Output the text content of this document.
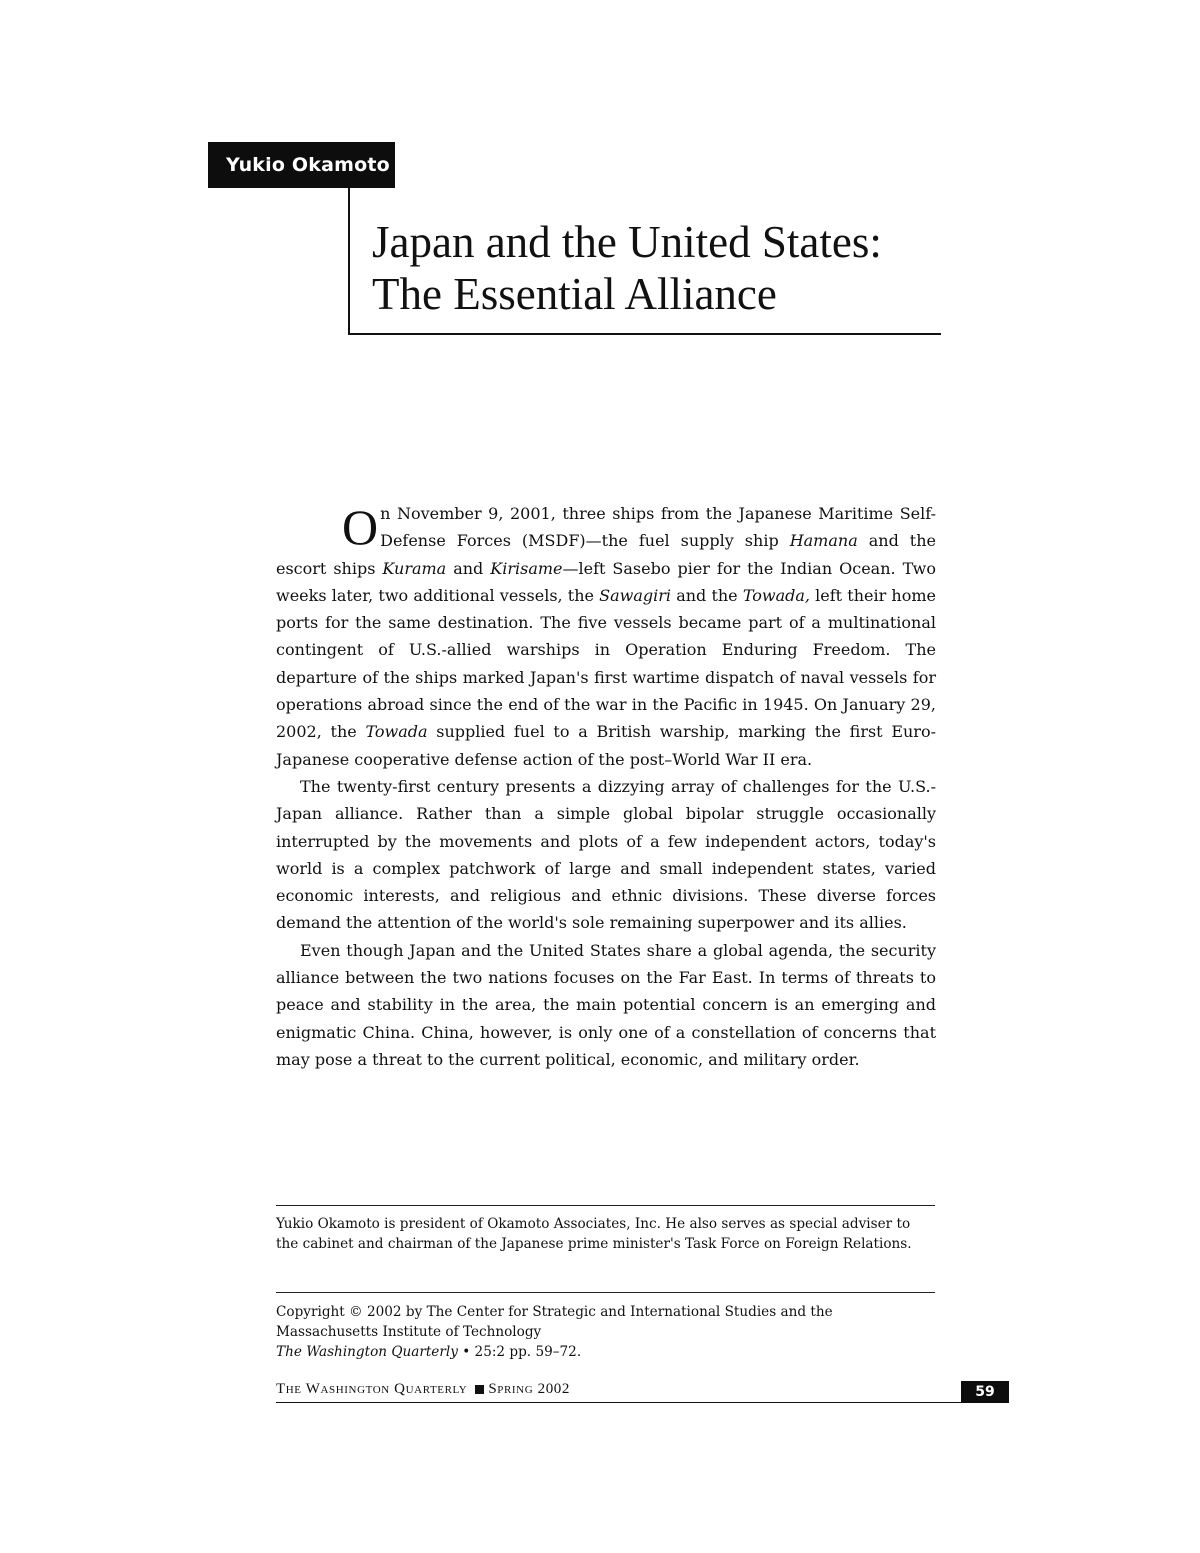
Yukio Okamoto
Japan and the United States:
The Essential Alliance

On November 9, 2001, three ships from the Japanese Maritime Self-Defense Forces (MSDF)—the fuel supply ship Hamana and the escort ships Kurama and Kirisame—left Sasebo pier for the Indian Ocean. Two weeks later, two additional vessels, the Sawagiri and the Towada, left their home ports for the same destination. The five vessels became part of a multinational contingent of U.S.-allied warships in Operation Enduring Freedom. The departure of the ships marked Japan's first wartime dispatch of naval vessels for operations abroad since the end of the war in the Pacific in 1945. On January 29, 2002, the Towada supplied fuel to a British warship, marking the first Euro-Japanese cooperative defense action of the post–World War II era.

The twenty-first century presents a dizzying array of challenges for the U.S.-Japan alliance. Rather than a simple global bipolar struggle occasionally interrupted by the movements and plots of a few independent actors, today's world is a complex patchwork of large and small independent states, varied economic interests, and religious and ethnic divisions. These diverse forces demand the attention of the world's sole remaining superpower and its allies.

Even though Japan and the United States share a global agenda, the security alliance between the two nations focuses on the Far East. In terms of threats to peace and stability in the area, the main potential concern is an emerging and enigmatic China. China, however, is only one of a constellation of concerns that may pose a threat to the current political, economic, and military order.

Yukio Okamoto is president of Okamoto Associates, Inc. He also serves as special adviser to the cabinet and chairman of the Japanese prime minister's Task Force on Foreign Relations.
Copyright © 2002 by The Center for Strategic and International Studies and the Massachusetts Institute of Technology
The Washington Quarterly • 25:2 pp. 59–72.
The Washington Quarterly Spring 2002	59
